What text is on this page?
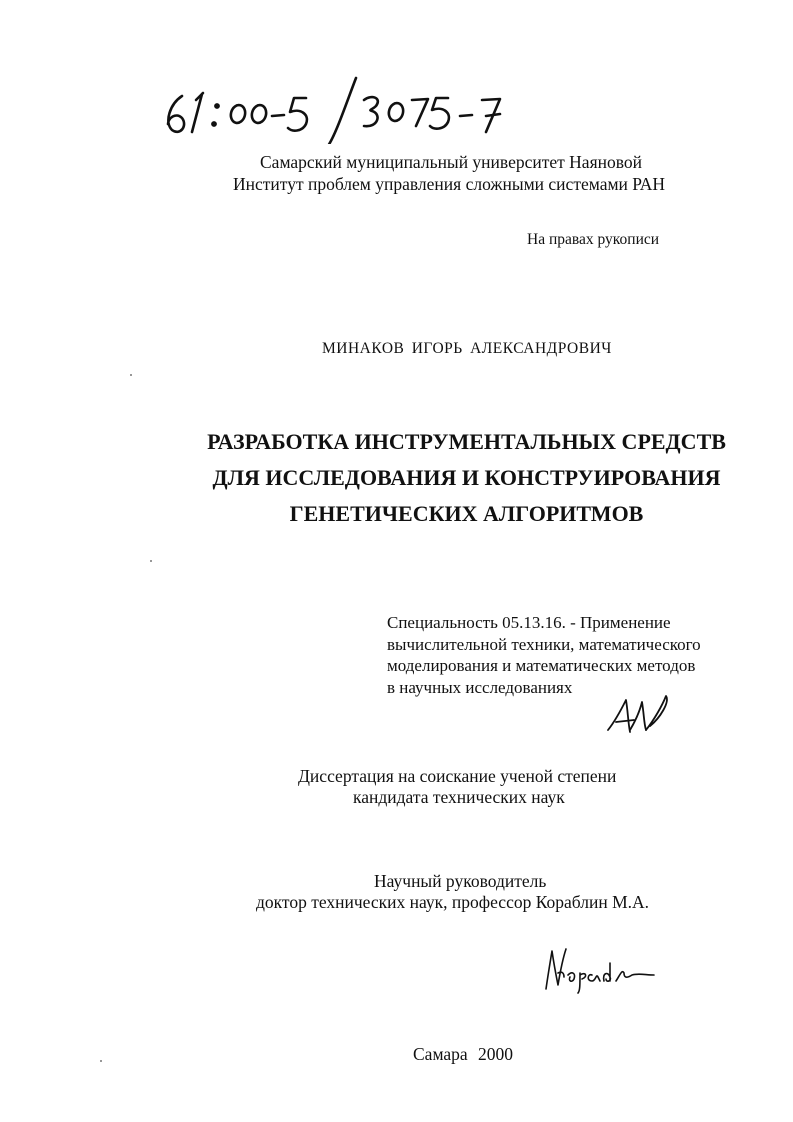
Самарский муниципальный университет Наяновой
Институт проблем управления сложными системами РАН
На правах рукописи
МИНАКОВ ИГОРЬ АЛЕКСАНДРОВИЧ
РАЗРАБОТКА ИНСТРУМЕНТАЛЬНЫХ СРЕДСТВ
ДЛЯ ИССЛЕДОВАНИЯ И КОНСТРУИРОВАНИЯ
ГЕНЕТИЧЕСКИХ АЛГОРИТМОВ
Специальность 05.13.16. - Применение
вычислительной техники, математического
моделирования и математических методов
в научных исследованиях
Диссертация на соискание ученой степени
кандидата технических наук
Научный руководитель
доктор технических наук, профессор Кораблин М.А.
Самара 2000
